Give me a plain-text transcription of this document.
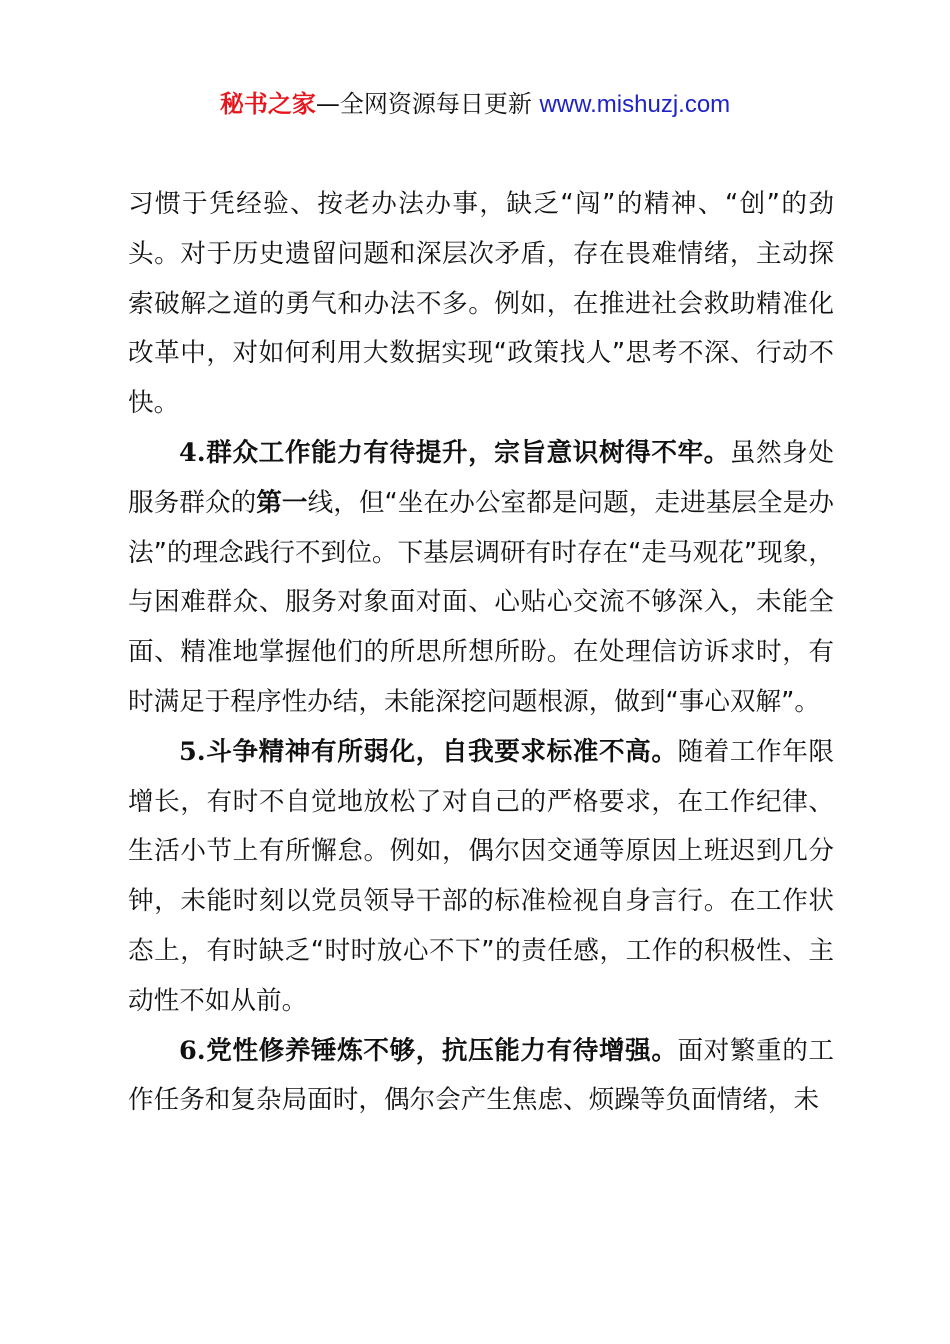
秘书之家—全网资源每日更新 www.mishuzj.com

习惯于凭经验、按老办法办事，缺乏“闯”的精神、“创”的劲头。对于历史遗留问题和深层次矛盾，存在畏难情绪，主动探索破解之道的勇气和办法不多。例如，在推进社会救助精准化改革中，对如何利用大数据实现“政策找人”思考不深、行动不快。

4.群众工作能力有待提升，宗旨意识树得不牢。虽然身处服务群众的第一线，但“坐在办公室都是问题，走进基层全是办法”的理念践行不到位。下基层调研有时存在“走马观花”现象，与困难群众、服务对象面对面、心贴心交流不够深入，未能全面、精准地掌握他们的所思所想所盼。在处理信访诉求时，有时满足于程序性办结，未能深挖问题根源，做到“事心双解”。

5.斗争精神有所弱化，自我要求标准不高。随着工作年限增长，有时不自觉地放松了对自己的严格要求，在工作纪律、生活小节上有所懈怠。例如，偶尔因交通等原因上班迟到几分钟，未能时刻以党员领导干部的标准检视自身言行。在工作状态上，有时缺乏“时时放心不下”的责任感，工作的积极性、主动性不如从前。

6.党性修养锤炼不够，抗压能力有待增强。面对繁重的工作任务和复杂局面时，偶尔会产生焦虑、烦躁等负面情绪，未
